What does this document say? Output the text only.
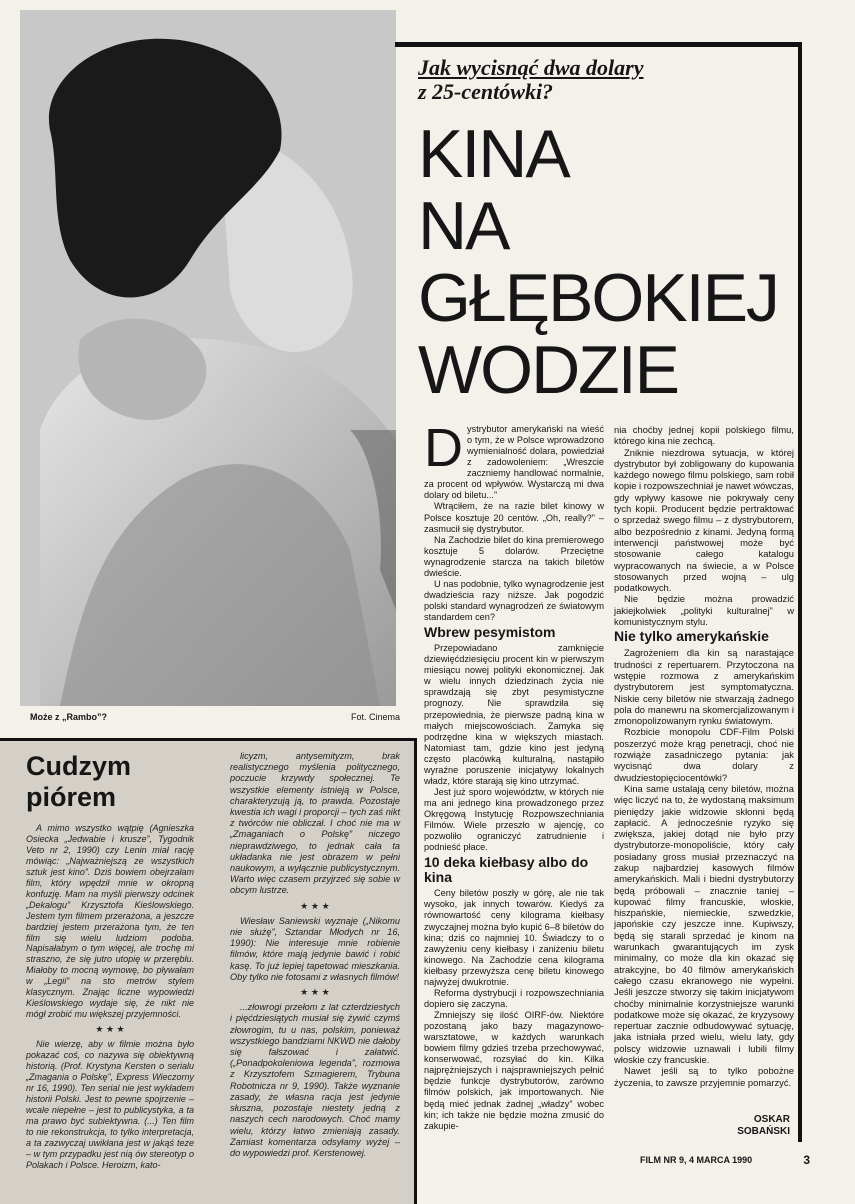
Może z „Rambo”?	Fot. Cinema
Jak wycisnąć dwa dolary
z 25-centówki?
KINA
NA
GŁĘBOKIEJ
WODZIE
D ystrybutor amerykański na wieść o tym, że w Polsce wprowadzono wymienialność dolara, powiedział z zadowoleniem: „Wreszcie zaczniemy handlować normalnie, za procent od wpływów. Wystarczą mi dwa dolary od biletu...”

Wtrąciłem, że na razie bilet kinowy w Polsce kosztuje 20 centów. „Oh, really?” – zasmucił się dystrybutor.

Na Zachodzie bilet do kina premierowego kosztuje 5 dolarów. Przeciętne wynagrodzenie starcza na takich biletów dwieście.

U nas podobnie, tylko wynagrodzenie jest dwadzieścia razy niższe. Jak pogodzić polski standard wynagrodzeń ze światowym standardem cen?

Wbrew pesymistom

Przepowiadano zamknięcie dziewięćdziesięciu procent kin w pierwszym miesiącu nowej polityki ekonomicznej. Jak w wielu innych dziedzinach życia nie sprawdzają się zbyt pesymistyczne prognozy. Nie sprawdziła się przepowiednia, że pierwsze padną kina w małych miejscowościach. Zamyka się podrzędne kina w większych miastach. Natomiast tam, gdzie kino jest jedyną często placówką kulturalną, nastąpiło wyraźne poruszenie inicjatywy lokalnych władz, które starają się kino utrzymać.

Jest już sporo województw, w których nie ma ani jednego kina prowadzonego przez Okręgową Instytucję Rozpowszechniania Filmów. Wiele przeszło w ajencję, co pozwoliło ograniczyć zatrudnienie i podnieść płace.

10 deka kiełbasy albo do kina

Ceny biletów poszły w górę, ale nie tak wysoko, jak innych towarów. Kiedyś za równowartość ceny kilograma kiełbasy zwyczajnej można było kupić 6–8 biletów do kina; dziś co najmniej 10. Świadczy to o zawyżeniu ceny kiełbasy i zaniżeniu biletu kinowego. Na Zachodzie cena kilograma kiełbasy przewyższa cenę biletu kinowego najwyżej dwukrotnie.

Reforma dystrybucji i rozpowszechniania dopiero się zaczyna.

Zmniejszy się ilość OIRF-ów. Niektóre pozostaną jako bazy magazynowo-warsztatowe, w każdych warunkach bowiem filmy gdzieś trzeba przechowywać, konserwować, rozsyłać do kin. Kilka najprężniejszych i najsprawniejszych pełnić będzie funkcje dystrybutorów, zarówno filmów polskich, jak importowanych. Nie będą mieć jednak żadnej „władzy” wobec kin; ich także nie będzie można zmusić do zakupie-

nia choćby jednej kopii polskiego filmu, którego kina nie zechcą.

Zniknie niezdrowa sytuacja, w której dystrybutor był zobligowany do kupowania każdego nowego filmu polskiego, sam robił kopie i rozpowszechniał je nawet wówczas, gdy wpływy kasowe nie pokrywały ceny tych kopii. Producent będzie pertraktować o sprzedaż swego filmu – z dystrybutorem, albo bezpośrednio z kinami. Jedyną formą interwencji państwowej może być stosowanie całego katalogu wypracowanych na świecie, a w Polsce stosowanych przed wojną – ulg podatkowych.

Nie będzie można prowadzić jakiejkolwiek „polityki kulturalnej” w komunistycznym stylu.

Nie tylko amerykańskie

Zagrożeniem dla kin są narastające trudności z repertuarem. Przytoczona na wstępie rozmowa z amerykańskim dystrybutorem jest symptomatyczna. Niskie ceny biletów nie stwarzają żadnego pola do manewru na skomercjalizowanym i zmonopolizowanym rynku światowym.

Rozbicie monopolu CDF-Film Polski poszerzyć może krąg penetracji, choć nie rozwiąże zasadniczego pytania: jak wycisnąć dwa dolary z dwudziestopięciocentówki?

Kina same ustalają ceny biletów, można więc liczyć na to, że wydostaną maksimum pieniędzy jakie widzowie skłonni będą zapłacić. A jednocześnie ryzyko się zwiększa, jakiej dotąd nie było przy dystrybutorze-monopoliście, który cały posiadany gross musiał przeznaczyć na zakup najbardziej kasowych filmów amerykańskich. Mali i biedni dystrybutorzy będą próbowali – znacznie taniej – kupować filmy francuskie, włoskie, hiszpańskie, niemieckie, szwedzkie, japońskie czy jeszcze inne. Kupiwszy, będą się starali sprzedać je kinom na warunkach gwarantujących im zysk minimalny, co może dla kin okazać się atrakcyjne, bo 40 filmów amerykańskich całego czasu ekranowego nie wypełni. Jeśli jeszcze stworzy się takim inicjatywom choćby minimalnie korzystniejsze warunki podatkowe może się okazać, że kryzysowy repertuar zacznie odbudowywać sytuację, jaka istniała przed wielu, wielu laty, gdy polscy widzowie uznawali i lubili filmy włoskie czy francuskie.

Nawet jeśli są to tylko pobożne życzenia, to zawsze przyjemnie pomarzyć.

OSKAR
SOBAŃSKI
FILM NR 9, 4 MARCA 1990	3
Cudzym
piórem

A mimo wszystko wątpię (Agnieszka Osiecka „Jedwabie i krusze”, Tygodnik Veto nr 2, 1990) czy Lenin miał rację mówiąc: „Najważniejszą ze wszystkich sztuk jest kino”. Dziś bowiem obejrzałam film, który wpędził mnie w okropną konfuzję. Mam na myśli pierwszy odcinek „Dekalogu” Krzysztofa Kieślowskiego. Jestem tym filmem przerażona, a jeszcze bardziej jestem przerażona tym, że ten film się wielu ludziom podoba. Napisałabym o tym więcej, ale trochę mi straszno, że się jutro utopię w przeręblu. Miałoby to mocną wymowę, bo pływałam w „Legii” na sto metrów stylem klasycznym. Znając liczne wypowiedzi Kieślowskiego wydaje się, że nikt nie mógł zrobić mu większej przyjemności.

★ ★ ★

Nie wierzę, aby w filmie można było pokazać coś, co nazywa się obiektywną historią. (Prof. Krystyna Kersten o serialu „Zmagania o Polskę”, Express Wieczorny nr 16, 1990). Ten serial nie jest wykładem historii Polski. Jest to pewne spojrzenie – wcale niepełne – jest to publicystyka, a ta ma prawo być subiektywna. (...) Ten film to nie rekonstrukcja, to tylko interpretacja, a ta zazwyczaj uwikłana jest w jakąś teze – w tym przypadku jest nią ów stereotyp o Polakach i Polsce. Heroizm, kato-

licyzm, antysemityzm, brak realistycznego myślenia politycznego, poczucie krzywdy społecznej. Te wszystkie elementy istnieją w Polsce, charakteryzują ją, to prawda. Pozostaje kwestia ich wagi i proporcji – tych zaś nikt z twórców nie obliczał. I choć nie ma w „Zmaganiach o Polskę” niczego nieprawdziwego, to jednak cała ta układanka nie jest obrazem w pełni naukowym, a wyłącznie publicystycznym. Warto więc czasem przyjrzeć się sobie w obcym lustrze.

★ ★ ★

Wiesław Saniewski wyznaje („Nikomu nie służę”, Sztandar Młodych nr 16, 1990): Nie interesuje mnie robienie filmów, które mają jedynie bawić i robić kasę. To już lepiej tapetować mieszkania. Oby tylko nie fotosami z własnych filmów!

★ ★ ★

...złowrogi przełom z lat czterdziestych i pięćdziesiątych musiał się żywić czymś złowrogim, tu u nas, polskim, ponieważ wszystkiego bandziarni NKWD nie dałoby się fałszować i załatwić. („Ponadpokoleniowa legenda”, rozmowa z Krzysztofem Szmagierem, Trybuna Robotnicza nr 9, 1990). Także wyznanie zasady, że własna racja jest jedynie słuszna, pozostaje niestety jedną z naszych cech narodowych. Choć mamy wielu, którzy łatwo zmieniają zasady. Zamiast komentarza odsyłamy wyżej – do wypowiedzi prof. Kerstenowej.
